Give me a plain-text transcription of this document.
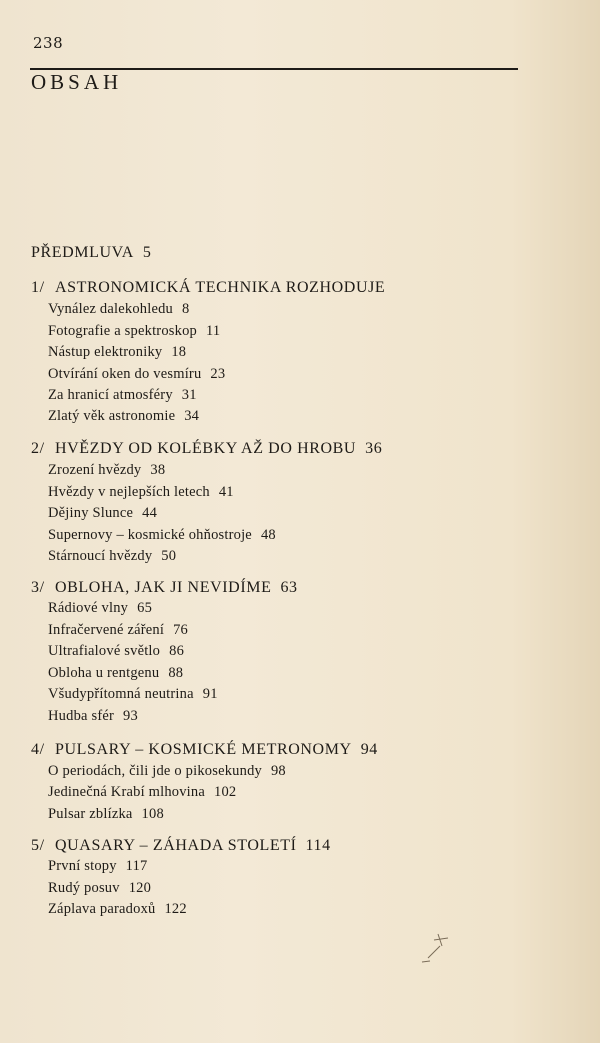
238
OBSAH
PŘEDMLUVA 5
1/ ASTRONOMICKÁ TECHNIKA ROZHODUJE
Vynález dalekohledu 8
Fotografie a spektroskop 11
Nástup elektroniky 18
Otvírání oken do vesmíru 23
Za hranicí atmosféry 31
Zlatý věk astronomie 34
2/ HVĚZDY OD KOLÉBKY AŽ DO HROBU 36
Zrození hvězdy 38
Hvězdy v nejlepších letech 41
Dějiny Slunce 44
Supernovy – kosmické ohňostroje 48
Stárnoucí hvězdy 50
3/ OBLOHA, JAK JI NEVIDÍME 63
Rádiové vlny 65
Infračervené záření 76
Ultrafialové světlo 86
Obloha u rentgenu 88
Všudypřítomná neutrina 91
Hudba sfér 93
4/ PULSARY – KOSMICKÉ METRONOMY 94
O periodách, čili jde o pikosekundy 98
Jedinečná Krabí mlhovina 102
Pulsar zblízka 108
5/ QUASARY – ZÁHADA STOLETÍ 114
První stopy 117
Rudý posuv 120
Záplava paradoxů 122
